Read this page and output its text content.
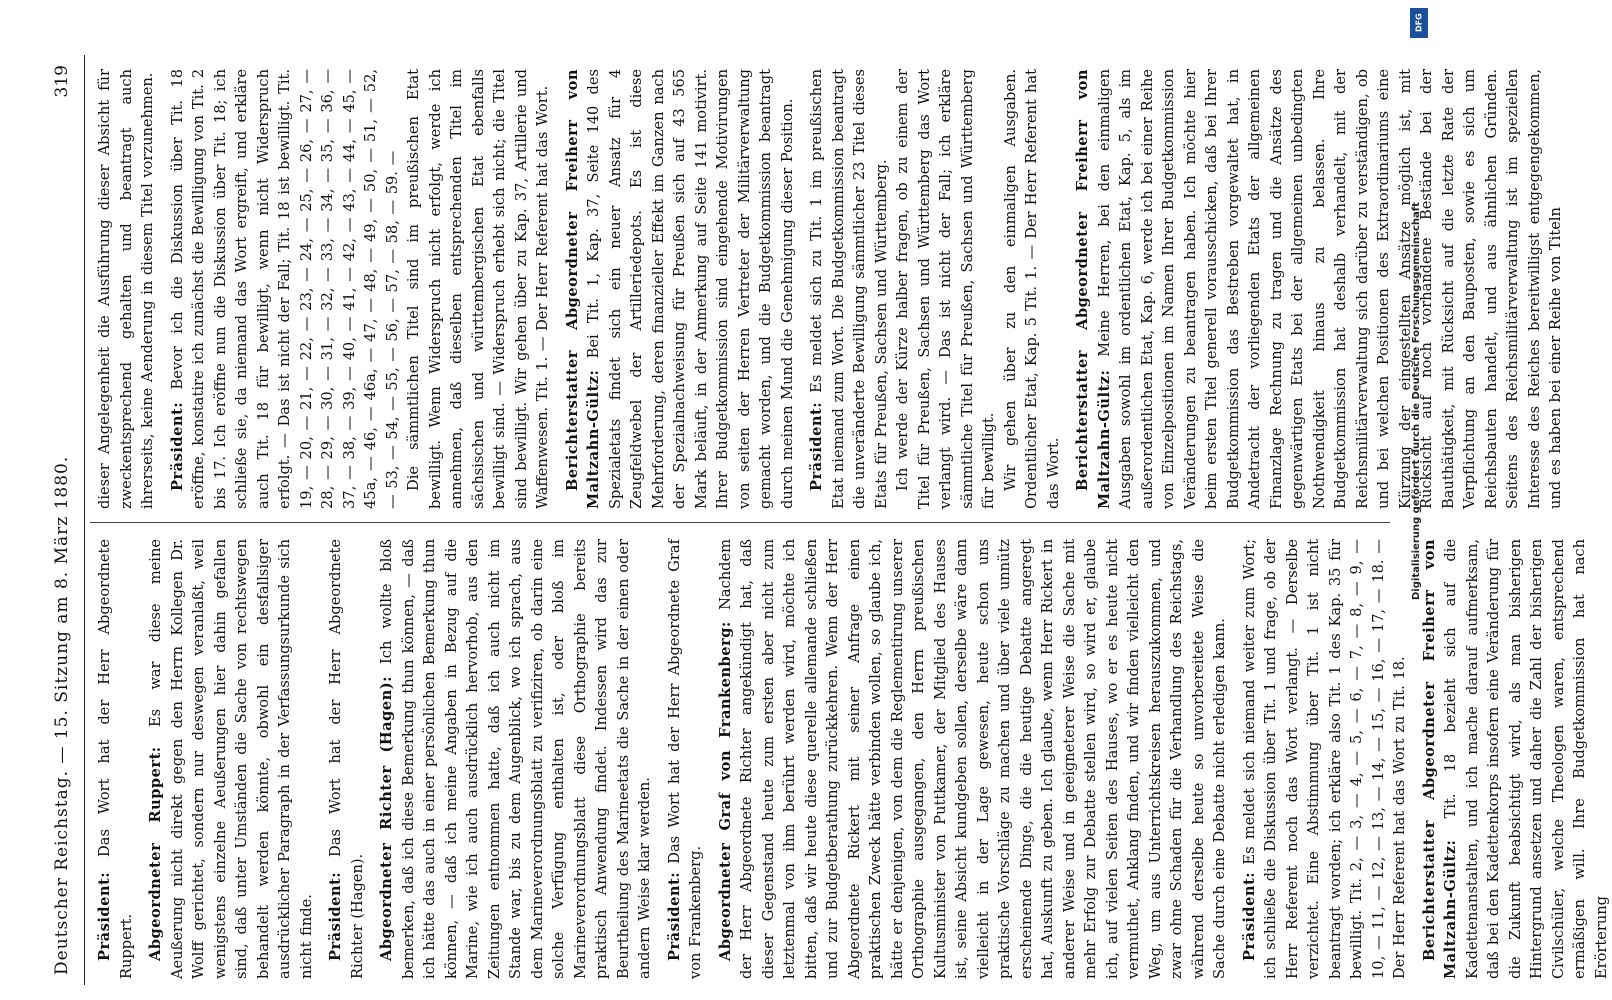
Deutscher Reichstag. — 15. Sitzung am 8. März 1880.
319

Präsident: Das Wort hat der Herr Abgeordnete Ruppert. Abgeordneter Ruppert: Es war diese meine Aeußerung nicht direkt gegen den Herrn Kollegen Dr. Wolff gerichtet, sondern nur deswegen veranlaßt, weil wenigstens einzelne Aeußerungen hier dahin gefallen sind, daß unter Umständen die Sache von rechtswegen behandelt werden könnte, obwohl ein desfallsiger ausdrücklicher Paragraph in der Verfassungsurkunde sich nicht finde. Präsident: Das Wort hat der Herr Abgeordnete Richter (Hagen). Abgeordneter Richter (Hagen): Ich wollte bloß bemerken, daß ich diese Bemerkung thun können, — daß ich hätte das auch in einer persönlichen Bemerkung thun können, — daß ich meine Angaben in Bezug auf die Marine, wie ich auch ausdrücklich hervorhob, aus den Zeitungen entnommen hatte, daß ich auch nicht im Stande war, bis zu dem Augenblick, wo ich sprach, aus dem Marineverordnungsblatt zu verifiziren, ob darin eine solche Verfügung enthalten ist, oder bloß im Marineverordnungsblatt diese Orthographie bereits praktisch Anwendung findet. Indessen wird das zur Beurtheilung des Marineetats die Sache in der einen oder andern Weise klar werden. Präsident: Das Wort hat der Herr Abgeordnete Graf von Frankenberg. Abgeordneter Graf von Frankenberg: Nachdem der Herr Abgeordnete Richter angekündigt hat, daß dieser Gegenstand heute zum ersten aber nicht zum letztenmal von ihm berührt werden wird, möchte ich bitten, daß wir heute diese querelle allemande schließen und zur Budgetberathung zurückkehren. Wenn der Herr Abgeordnete Rickert mit seiner Anfrage einen praktischen Zweck hätte verbinden wollen, so glaube ich, hätte er denjenigen, von dem die Reglementirung unserer Orthographie ausgegangen, den Herrn preußischen Kultusminister von Puttkamer, der Mitglied des Hauses ist, seine Absicht kundgeben sollen, derselbe wäre dann vielleicht in der Lage gewesen, heute schon uns praktische Vorschläge zu machen und über viele unnütz erscheinende Dinge, die die heutige Debatte angeregt hat, Auskunft zu geben. Ich glaube, wenn Herr Rickert in anderer Weise und in geeigneterer Weise die Sache mit mehr Erfolg zur Debatte stellen wird, so wird er, glaube ich, auf vielen Seiten des Hauses, wo er es heute nicht vermuthet, Anklang finden, und wir finden vielleicht den Weg, um aus Unterrichtskreisen herauszukommen, und zwar ohne Schaden für die Verhandlung des Reichstags, während derselbe heute so unvorbereitete Weise die Sache durch eine Debatte nicht erledigen kann. Präsident: Es meldet sich niemand weiter zum Wort; ich schließe die Diskussion über Tit. 1 und frage, ob der Herr Referent noch das Wort verlangt. — Derselbe verzichtet. Eine Abstimmung über Tit. 1 ist nicht beantragt worden; ich erkläre also Tit. 1 des Kap. 35 für bewilligt. Tit. 2, — 3, — 4, — 5, — 6, — 7, — 8, — 9, — 10, — 11, — 12, — 13, — 14, — 15, — 16, — 17, — 18. — Der Herr Referent hat das Wort zu Tit. 18. Berichterstatter Abgeordneter Freiherr von Maltzahn-Gültz: Tit. 18 bezieht sich auf die Kadettenanstalten, und ich mache darauf aufmerksam, daß bei den Kadettenkorps insofern eine Veränderung für die Zukunft beabsichtigt wird, als man bisherigen Hintergrund ansetzen und daher die Zahl der bisherigen Civilschüler, welche Theologen waren, entsprechend ermäßigen will. Ihre Budgetkommission hat nach Erörterung

dieser Angelegenheit die Ausführung dieser Absicht für zweckentsprechend gehalten und beantragt auch ihrerseits, keine Aenderung in diesem Titel vorzunehmen. Präsident: Bevor ich die Diskussion über Tit. 18 eröffne, konstatire ich zunächst die Bewilligung von Tit. 2 bis 17. Ich eröffne nun die Diskussion über Tit. 18; ich schließe sie, da niemand das Wort ergreift, und erkläre auch Tit. 18 für bewilligt, wenn nicht Widerspruch erfolgt. — Das ist nicht der Fall; Tit. 18 ist bewilligt. Tit. 19, — 20, — 21, — 22, — 23, — 24, — 25, — 26, — 27, — 28, — 29, — 30, — 31, — 32, — 33, — 34, — 35, — 36, — 37, — 38, — 39, — 40, — 41, — 42, — 43, — 44, — 45, — 45a, — 46, — 46a, — 47, — 48, — 49, — 50, — 51, — 52, — 53, — 54, — 55, — 56, — 57, — 58, — 59. — Die sämmtlichen Titel sind im preußischen Etat bewilligt. Wenn Widerspruch nicht erfolgt, werde ich annehmen, daß dieselben entsprechenden Titel im sächsischen und württembergischen Etat ebenfalls bewilligt sind. — Widerspruch erhebt sich nicht; die Titel sind bewilligt. Wir gehen über zu Kap. 37, Artillerie und Waffenwesen. Tit. 1. — Der Herr Referent hat das Wort. Berichterstatter Abgeordneter Freiherr von Maltzahn-Gültz: Bei Tit. 1, Kap. 37, Seite 140 des Spezialetats findet sich ein neuer Ansatz für 4 Zeugfeldwebel der Artilleriedepots. Es ist diese Mehrforderung, deren finanzieller Effekt im Ganzen nach der Spezialnachweisung für Preußen sich auf 43 565 Mark beläuft, in der Anmerkung auf Seite 141 motivirt. Ihrer Budgetkommission sind eingehende Motivirungen von seiten der Herren Vertreter der Militärverwaltung gemacht worden, und die Budgetkommission beantragt durch meinen Mund die Genehmigung dieser Position. Präsident: Es meldet sich zu Tit. 1 im preußischen Etat niemand zum Wort. Die Budgetkommission beantragt die unveränderte Bewilligung sämmtlicher 23 Titel dieses Etats für Preußen, Sachsen und Württemberg. Ich werde der Kürze halber fragen, ob zu einem der Titel für Preußen, Sachsen und Württemberg das Wort verlangt wird. — Das ist nicht der Fall; ich erkläre sämmtliche Titel für Preußen, Sachsen und Württemberg für bewilligt. Wir gehen über zu den einmaligen Ausgaben. Ordentlicher Etat, Kap. 5 Tit. 1. — Der Herr Referent hat das Wort. Berichterstatter Abgeordneter Freiherr von Maltzahn-Gültz: Meine Herren, bei den einmaligen Ausgaben sowohl im ordentlichen Etat, Kap. 5, als im außerordentlichen Etat, Kap. 6, werde ich bei einer Reihe von Einzelpositionen im Namen Ihrer Budgetkommission Veränderungen zu beantragen haben. Ich möchte hier beim ersten Titel generell vorausschicken, daß bei Ihrer Budgetkommission das Bestreben vorgewaltet hat, in Andetracht der vorliegenden Etats der allgemeinen Finanzlage Rechnung zu tragen und die Ansätze des gegenwärtigen Etats bei der allgemeinen unbedingten Nothwendigkeit hinaus zu belassen. Ihre Budgetkommission hat deshalb verhandelt, mit der Reichsmilitärverwaltung sich darüber zu verständigen, ob und bei welchen Positionen des Extraordinariums eine Kürzung der eingestellten Ansätze möglich ist, mit Rücksicht auf noch vorhandene Bestände bei der Bauthätigkeit, mit Rücksicht auf die letzte Rate der Verpflichtung an den Bauposten, sowie es sich um Reichsbauten handelt, und aus ähnlichen Gründen. Seitens des Reichsmilitärverwaltung ist im speziellen Interesse des Reiches bereitwilligst entgegengekommen, und es haben bei einer Reihe von Titeln

DFG
Digitalisierung gefördert durch die Deutsche Forschungsgemeinschaft
